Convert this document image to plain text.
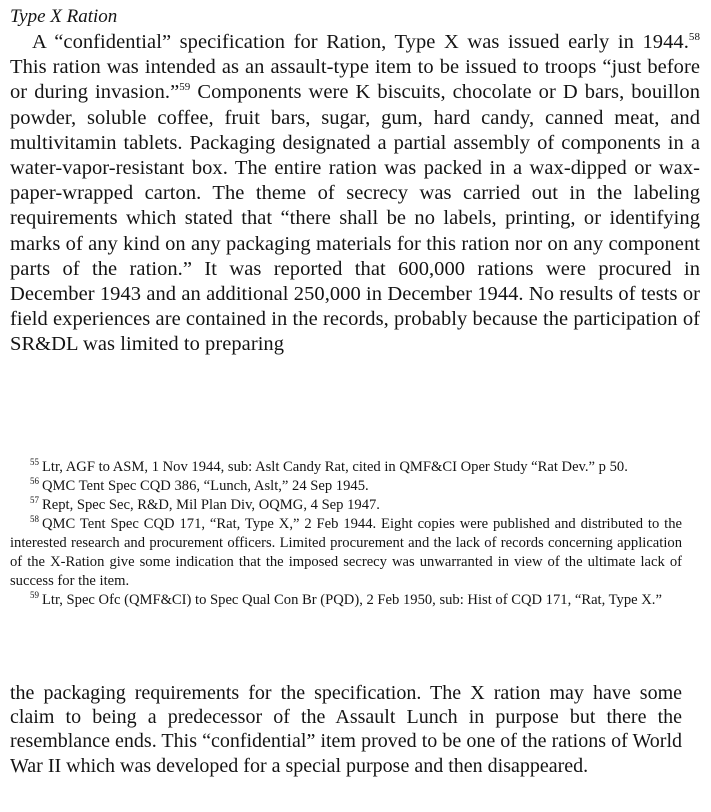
Type X Ration

A “confidential” specification for Ration, Type X was issued early in 1944.58 This ration was intended as an assault-type item to be issued to troops “just before or during invasion.”$^{59}$ Components were K biscuits, chocolate or D bars, bouillon powder, soluble coffee, fruit bars, sugar, gum, hard candy, canned meat, and multivitamin tablets. Packaging designated a partial assembly of components in a water-vapor-resistant box. The entire ration was packed in a wax-dipped or wax-paper-wrapped carton. The theme of secrecy was carried out in the labeling requirements which stated that “there shall be no labels, printing, or identifying marks of any kind on any packaging materials for this ration nor on any component parts of the ration.” It was reported that 600,000 rations were procured in December 1943 and an additional 250,000 in December 1944. No results of tests or field experiences are contained in the records, probably because the participation of SR&DL was limited to preparing

$^{55}$ Ltr, AGF to ASM, 1 Nov 1944, sub: Aslt Candy Rat, cited in QMF&CI Oper Study “Rat Dev.” p 50.

$^{56}$ QMC Tent Spec CQD 386, “Lunch, Aslt,” 24 Sep 1945.

$^{57}$ Rept, Spec Sec, R&D, Mil Plan Div, OQMG, 4 Sep 1947.

$^{58}$ QMC Tent Spec CQD 171, “Rat, Type X,” 2 Feb 1944. Eight copies were published and distributed to the interested research and procurement officers. Limited procurement and the lack of records concerning application of the X-Ration give some indication that the imposed secrecy was unwarranted in view of the ultimate lack of success for the item.

$^{59}$ Ltr, Spec Ofc (QMF&CI) to Spec Qual Con Br (PQD), 2 Feb 1950, sub: Hist of CQD 171, “Rat, Type X.”

the packaging requirements for the specification. The X ration may have some claim to being a predecessor of the Assault Lunch in purpose but there the resemblance ends. This “confidential” item proved to be one of the rations of World War II which was developed for a special purpose and then disappeared.
